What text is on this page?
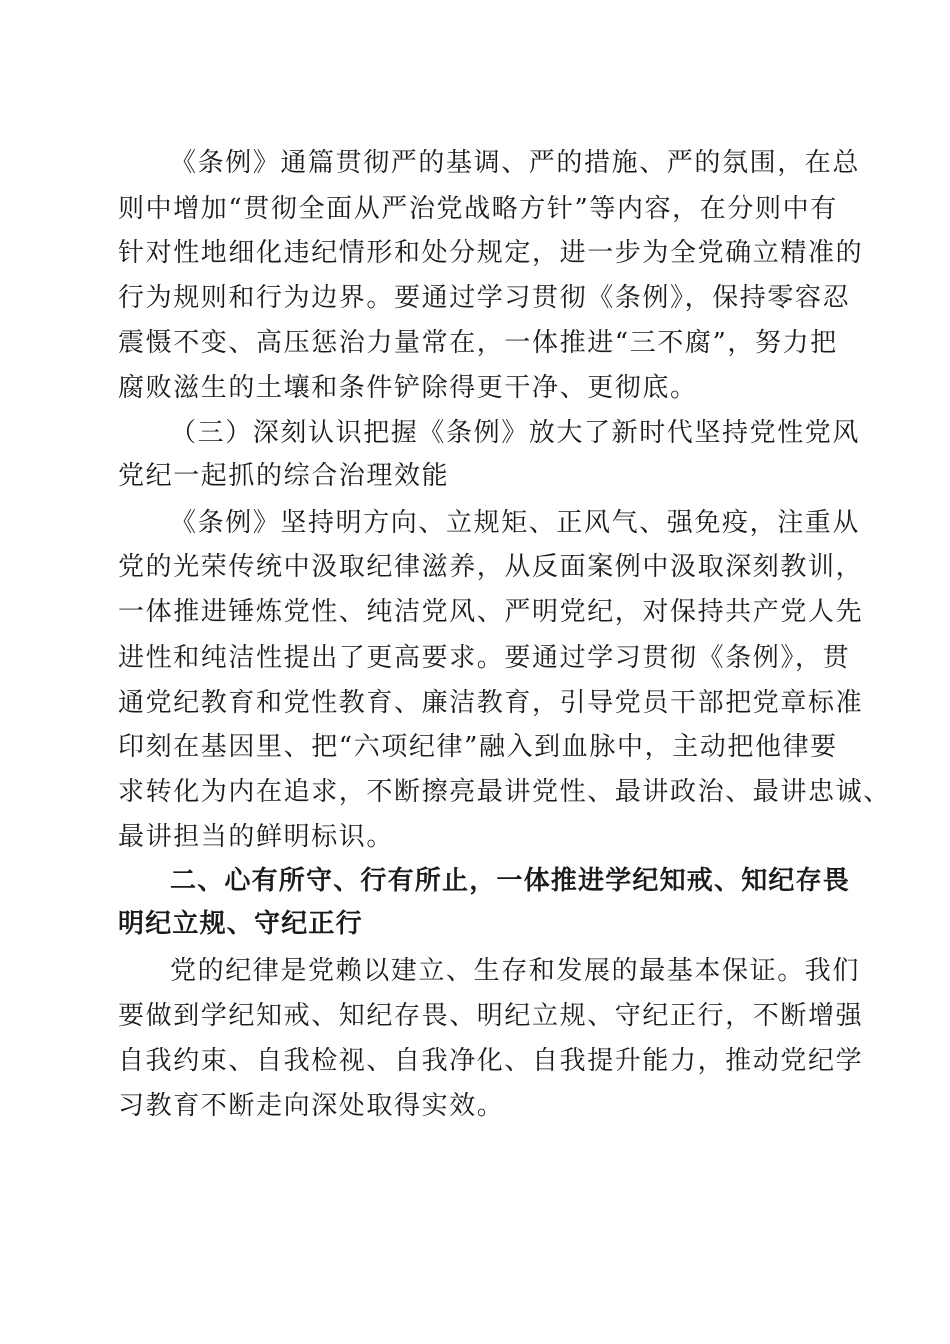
《条例》通篇贯彻严的基调、严的措施、严的氛围，在总
则中增加“贯彻全面从严治党战略方针”等内容，在分则中有
针对性地细化违纪情形和处分规定，进一步为全党确立精准的
行为规则和行为边界。要通过学习贯彻《条例》，保持零容忍
震慑不变、高压惩治力量常在，一体推进“三不腐”，努力把
腐败滋生的土壤和条件铲除得更干净、更彻底。
（三）深刻认识把握《条例》放大了新时代坚持党性党风
党纪一起抓的综合治理效能
《条例》坚持明方向、立规矩、正风气、强免疫，注重从
党的光荣传统中汲取纪律滋养，从反面案例中汲取深刻教训，
一体推进锤炼党性、纯洁党风、严明党纪，对保持共产党人先
进性和纯洁性提出了更高要求。要通过学习贯彻《条例》，贯
通党纪教育和党性教育、廉洁教育，引导党员干部把党章标准
印刻在基因里、把“六项纪律”融入到血脉中，主动把他律要
求转化为内在追求，不断擦亮最讲党性、最讲政治、最讲忠诚、
最讲担当的鲜明标识。
二、心有所守、行有所止，一体推进学纪知戒、知纪存畏
明纪立规、守纪正行
党的纪律是党赖以建立、生存和发展的最基本保证。我们
要做到学纪知戒、知纪存畏、明纪立规、守纪正行，不断增强
自我约束、自我检视、自我净化、自我提升能力，推动党纪学
习教育不断走向深处取得实效。
